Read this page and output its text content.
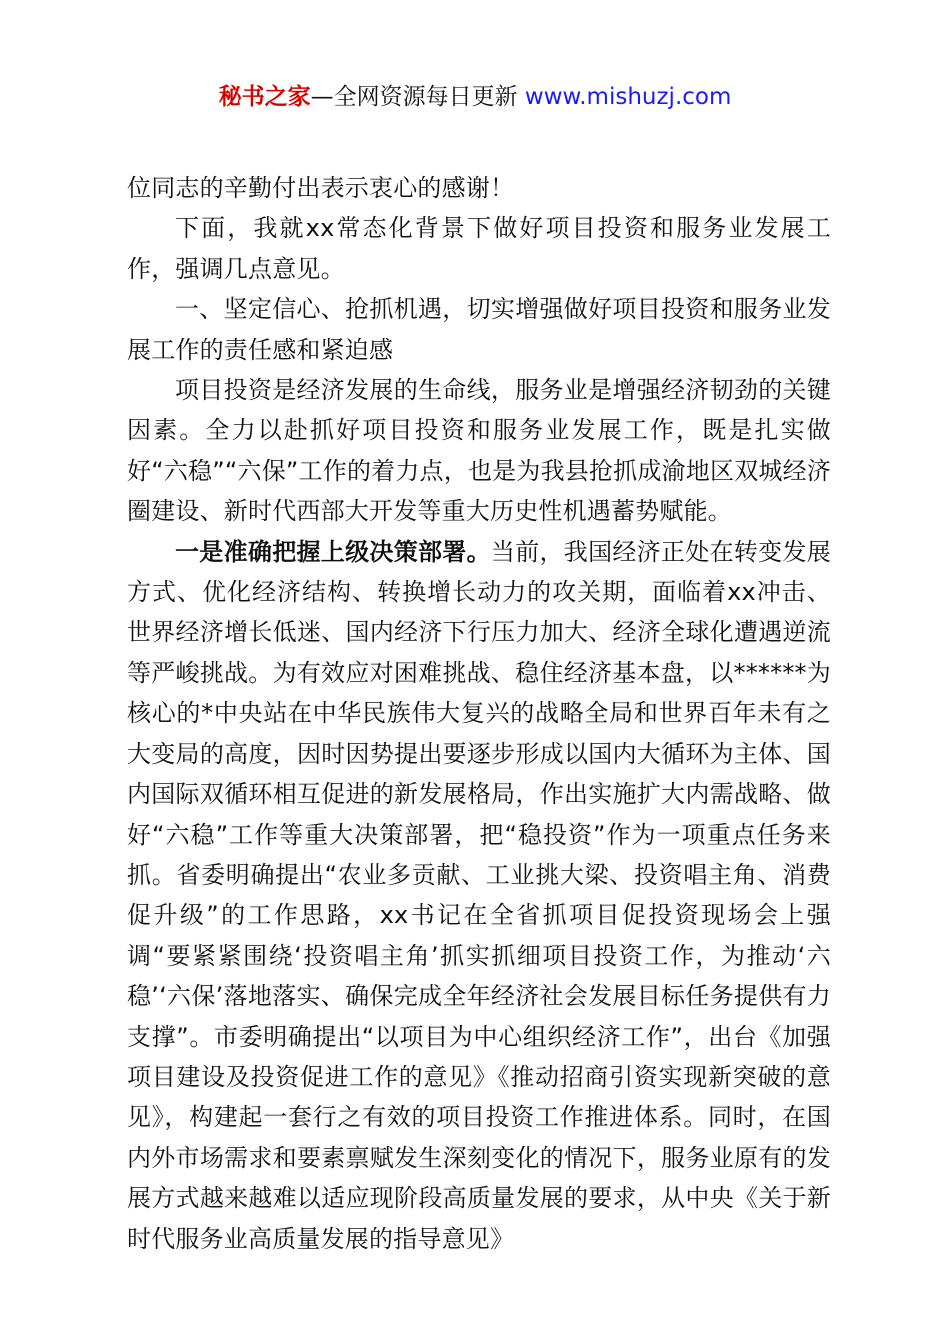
秘书之家—全网资源每日更新 www.mishuzj.com

位同志的辛勤付出表示衷心的感谢！

下面，我就xx常态化背景下做好项目投资和服务业发展工作，强调几点意见。

一、坚定信心、抢抓机遇，切实增强做好项目投资和服务业发展工作的责任感和紧迫感

项目投资是经济发展的生命线，服务业是增强经济韧劲的关键因素。全力以赴抓好项目投资和服务业发展工作，既是扎实做好“六稳”“六保”工作的着力点，也是为我县抢抓成渝地区双城经济圈建设、新时代西部大开发等重大历史性机遇蓄势赋能。

一是准确把握上级决策部署。当前，我国经济正处在转变发展方式、优化经济结构、转换增长动力的攻关期，面临着xx冲击、世界经济增长低迷、国内经济下行压力加大、经济全球化遭遇逆流等严峻挑战。为有效应对困难挑战、稳住经济基本盘，以******为核心的*中央站在中华民族伟大复兴的战略全局和世界百年未有之大变局的高度，因时因势提出要逐步形成以国内大循环为主体、国内国际双循环相互促进的新发展格局，作出实施扩大内需战略、做好“六稳”工作等重大决策部署，把“稳投资”作为一项重点任务来抓。省委明确提出“农业多贡献、工业挑大梁、投资唱主角、消费促升级”的工作思路，xx书记在全省抓项目促投资现场会上强调“要紧紧围绕‘投资唱主角’抓实抓细项目投资工作，为推动‘六稳’‘六保’落地落实、确保完成全年经济社会发展目标任务提供有力支撑”。市委明确提出“以项目为中心组织经济工作”，出台《加强项目建设及投资促进工作的意见》《推动招商引资实现新突破的意见》，构建起一套行之有效的项目投资工作推进体系。同时，在国内外市场需求和要素禀赋发生深刻变化的情况下，服务业原有的发展方式越来越难以适应现阶段高质量发展的要求，从中央《关于新时代服务业高质量发展的指导意见》
